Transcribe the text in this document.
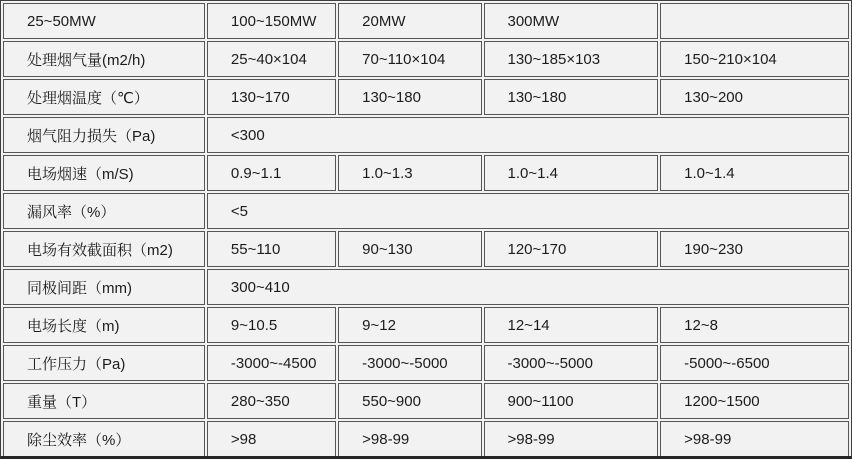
25~50MW	100~150MW	20MW	300MW	
处理烟气量(m2/h)	25~40×104	70~110×104	130~185×103	150~210×104
处理烟温度（℃）	130~170	130~180	130~180	130~200
烟气阻力损失（Pa)	<300			
电场烟速（m/S)	0.9~1.1	1.0~1.3	1.0~1.4	1.0~1.4
漏风率（%）	<5			
电场有效截面积（m2)	55~110	90~130	120~170	190~230
同极间距（mm)	300~410			
电场长度（m)	9~10.5	9~12	12~14	12~8
工作压力（Pa)	-3000~-4500	-3000~-5000	-3000~-5000	-5000~-6500
重量（T）	280~350	550~900	900~1100	1200~1500
除尘效率（%）	>98	>98-99	>98-99	>98-99
